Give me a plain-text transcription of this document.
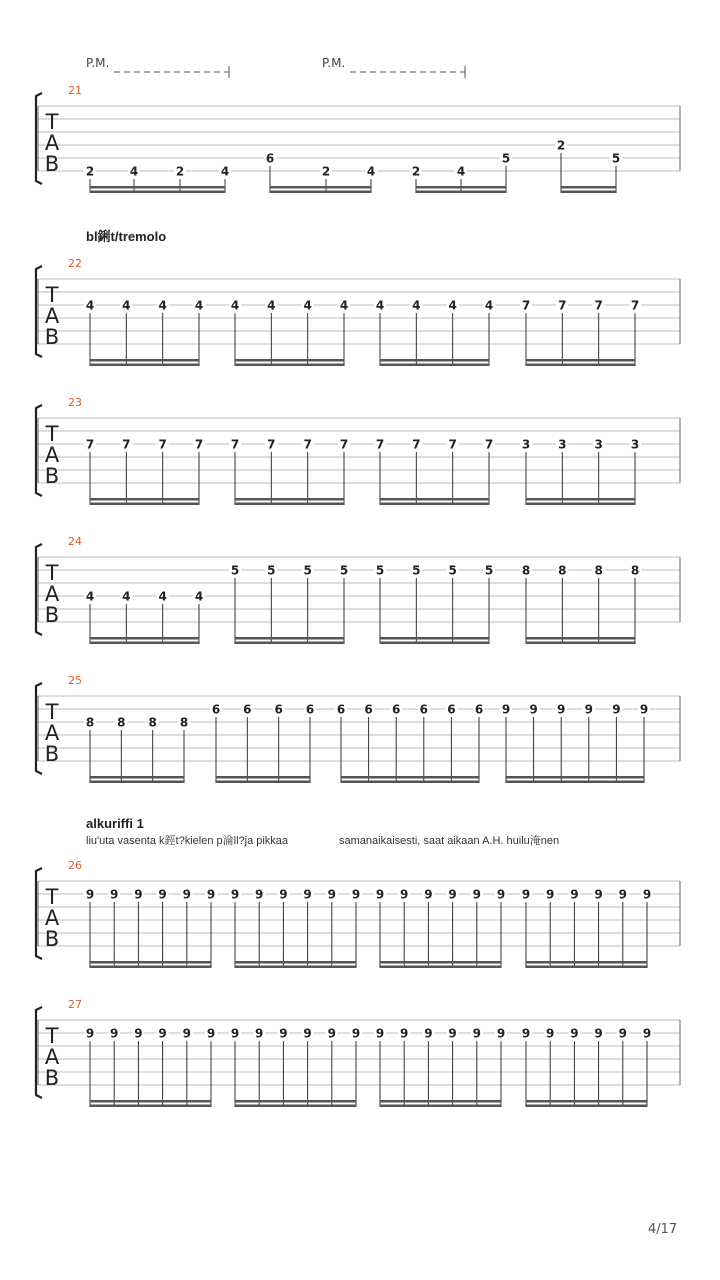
P.M.	P.M.
bl鋓t/tremolo
alkuriffi 1
liu'uta vasenta k鋞t?kielen p淪ll?ja pikkaa	samanaikaisesti, saat aikaan A.H. huilu淹nen
4/17
T
A
B
21
2	4	2	4
6
2	4	2	4
5
2
5
T
A
B
22
4 4 4 4 4 4 4 4 4 4 4 4 7 7 7 7
T
A
B
23
7 7 7 7 7 7 7 7 7 7 7 7 3 3 3 3
T
A
B
24
4 4 4 4
5 5 5 5 5 5 5 5 8 8 8 8
T
A
B
25
8 8 8 8
6 6 6 6 6 6 6 6 6 6 9 9 9 9 9 9
T
A
B
26
9 9 9 9 9 9 9 9 9 9 9 9 9 9 9 9 9 9 9 9 9 9 9 9
T
A
B
27
9 9 9 9 9 9 9 9 9 9 9 9 9 9 9 9 9 9 9 9 9 9 9 9
